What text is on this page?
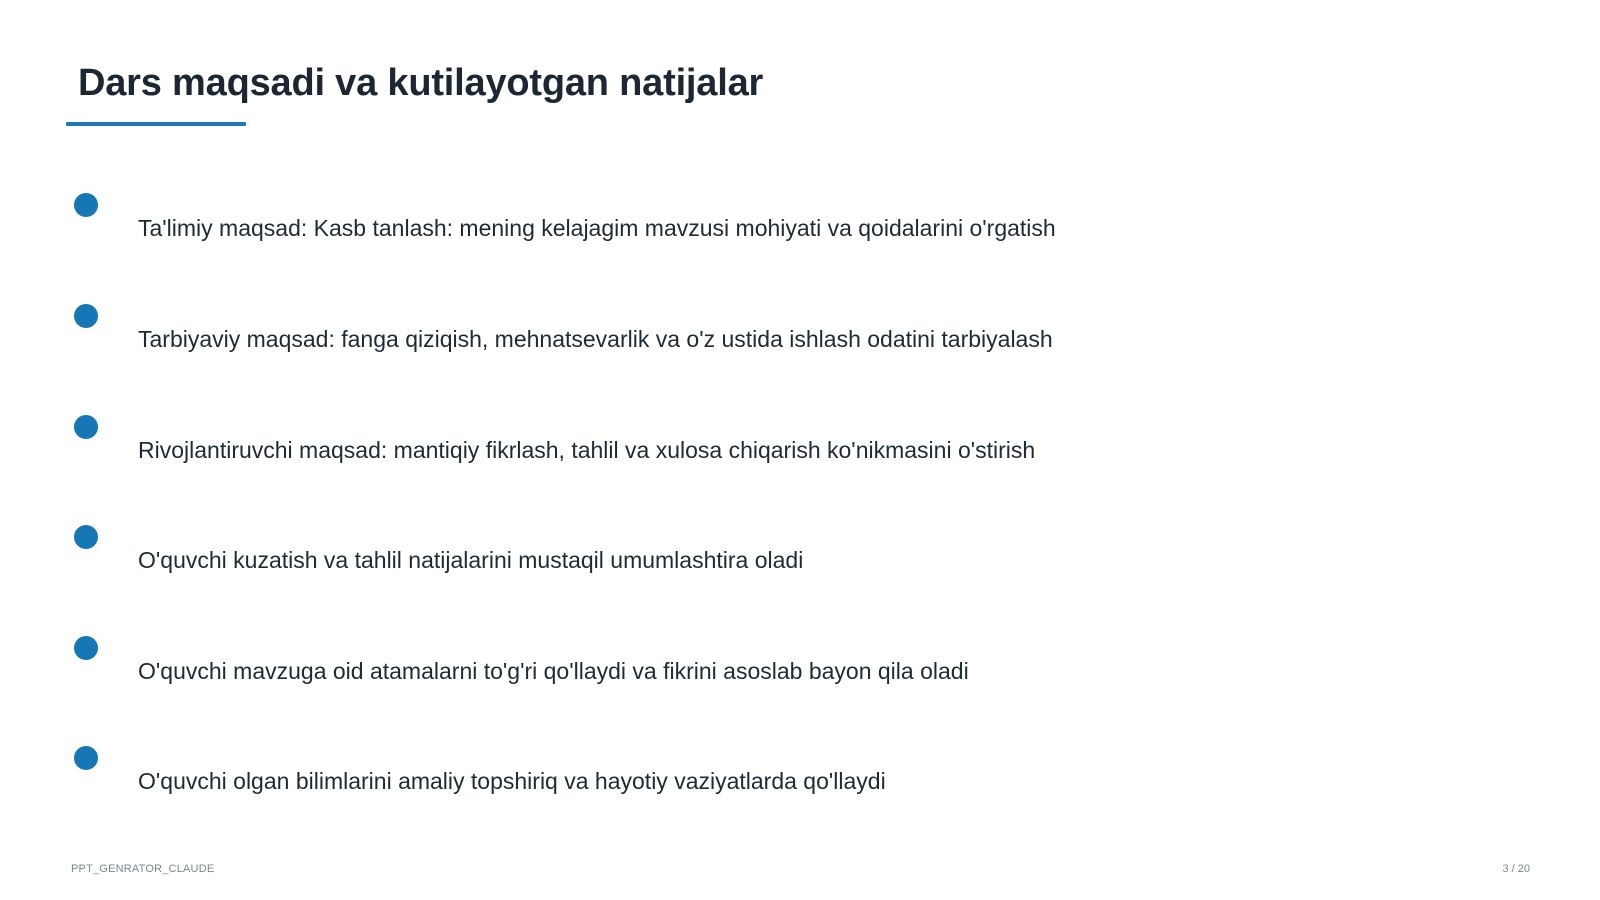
Dars maqsadi va kutilayotgan natijalar
Ta'limiy maqsad: Kasb tanlash: mening kelajagim mavzusi mohiyati va qoidalarini o'rgatish
Tarbiyaviy maqsad: fanga qiziqish, mehnatsevarlik va o'z ustida ishlash odatini tarbiyalash
Rivojlantiruvchi maqsad: mantiqiy fikrlash, tahlil va xulosa chiqarish ko'nikmasini o'stirish
O'quvchi kuzatish va tahlil natijalarini mustaqil umumlashtira oladi
O'quvchi mavzuga oid atamalarni to'g'ri qo'llaydi va fikrini asoslab bayon qila oladi
O'quvchi olgan bilimlarini amaliy topshiriq va hayotiy vaziyatlarda qo'llaydi
PPT_GENRATOR_CLAUDE	3 / 20
